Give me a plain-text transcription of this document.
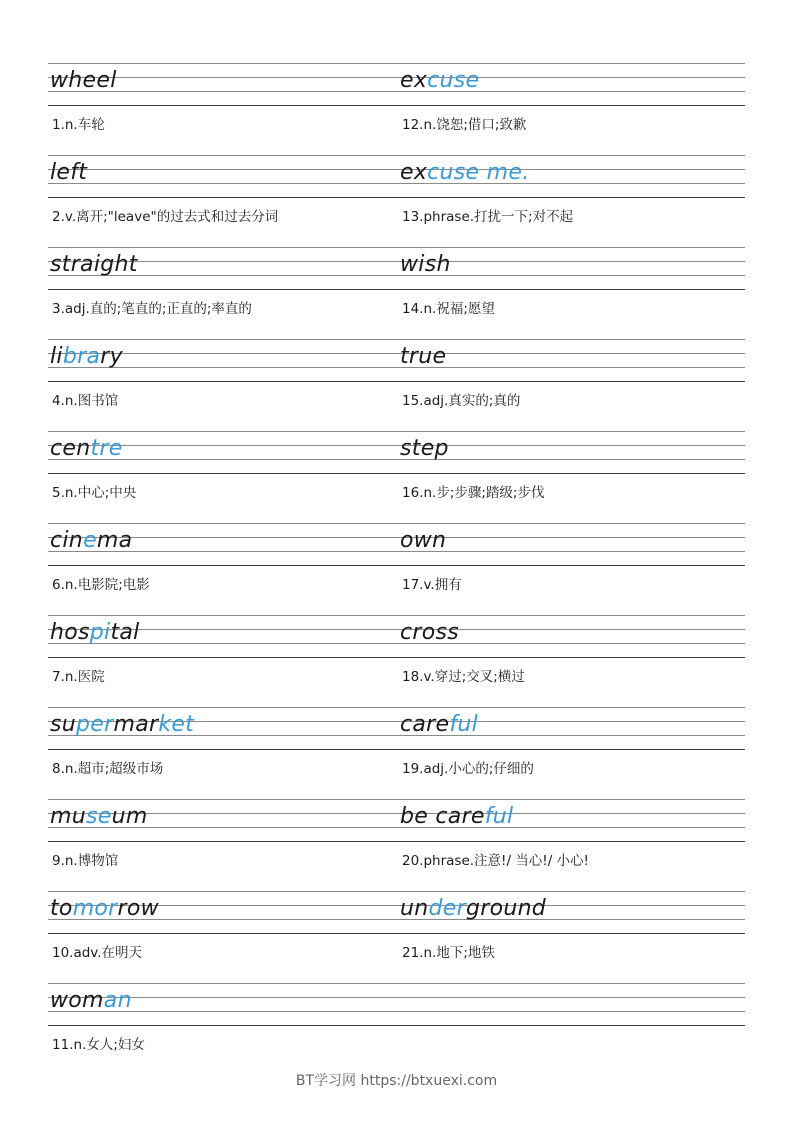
wheel
1.n.车轮
excuse
12.n.饶恕;借口;致歉
left
2.v.离开;"leave"的过去式和过去分词
excuse me.
13.phrase.打扰一下;对不起
straight
3.adj.直的;笔直的;正直的;率直的
wish
14.n.祝福;愿望
library
4.n.图书馆
true
15.adj.真实的;真的
centre
5.n.中心;中央
step
16.n.步;步骤;踏级;步伐
cinema
6.n.电影院;电影
own
17.v.拥有
hospital
7.n.医院
cross
18.v.穿过;交叉;横过
supermarket
8.n.超市;超级市场
careful
19.adj.小心的;仔细的
museum
9.n.博物馆
be careful
20.phrase.注意!/ 当心!/ 小心!
tomorrow
10.adv.在明天
underground
21.n.地下;地铁
woman
11.n.女人;妇女
BT学习网 https://btxuexi.com
